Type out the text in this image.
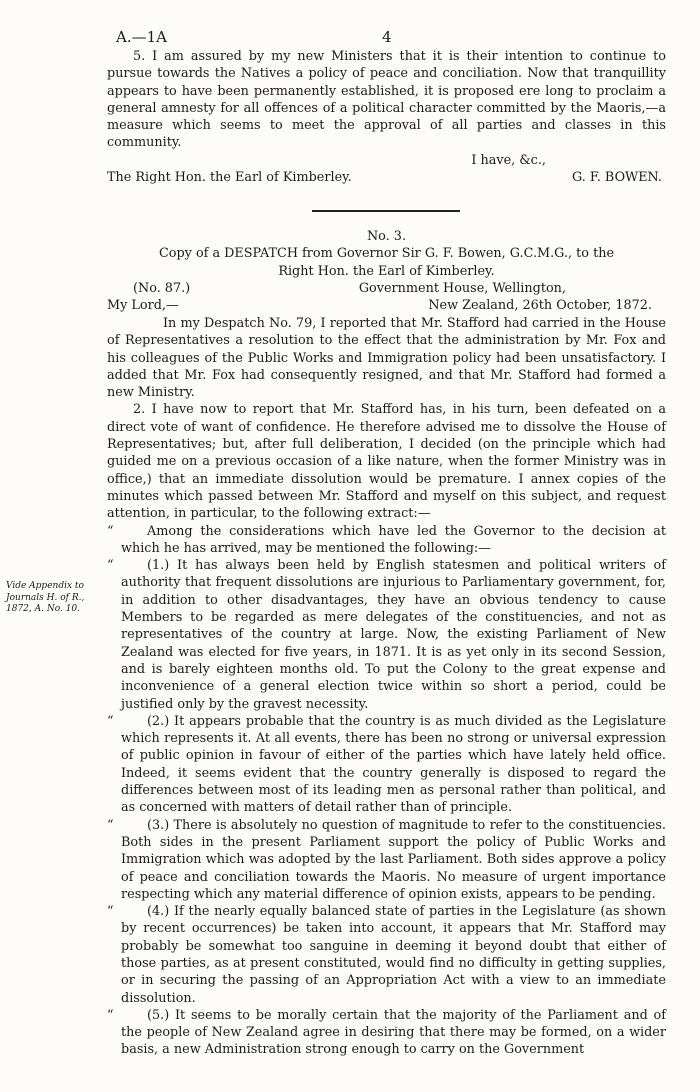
A.—1A	4

5. I am assured by my new Ministers that it is their intention to continue to pursue towards the Natives a policy of peace and conciliation. Now that tranquillity appears to have been permanently established, it is proposed ere long to proclaim a general amnesty for all offences of a political character committed by the Maoris,—a measure which seems to meet the approval of all parties and classes in this community.

I have, &c.,
The Right Hon. the Earl of Kimberley.	G. F. BOWEN.
No. 3.
Copy of a DESPATCH from Governor Sir G. F. Bowen, G.C.M.G., to the
Right Hon. the Earl of Kimberley.
(No. 87.)	Government House, Wellington,
My Lord,—	New Zealand, 26th October, 1872.

In my Despatch No. 79, I reported that Mr. Stafford had carried in the House of Representatives a resolution to the effect that the administration by Mr. Fox and his colleagues of the Public Works and Immigration policy had been unsatisfactory. I added that Mr. Fox had consequently resigned, and that Mr. Stafford had formed a new Ministry.

2. I have now to report that Mr. Stafford has, in his turn, been defeated on a direct vote of want of confidence. He therefore advised me to dissolve the House of Representatives; but, after full deliberation, I decided (on the principle which had guided me on a previous occasion of a like nature, when the former Ministry was in office,) that an immediate dissolution would be premature. I annex copies of the minutes which passed between Mr. Stafford and myself on this subject, and request attention, in particular, to the following extract:—

“ Among the considerations which have led the Governor to the decision at which he has arrived, may be mentioned the following:—

“ (1.) It has always been held by English statesmen and political writers of authority that frequent dissolutions are injurious to Parliamentary government, for, in addition to other disadvantages, they have an obvious tendency to cause Members to be regarded as mere delegates of the constituencies, and not as representatives of the country at large. Now, the existing Parliament of New Zealand was elected for five years, in 1871. It is as yet only in its second Session, and is barely eighteen months old. To put the Colony to the great expense and inconvenience of a general election twice within so short a period, could be justified only by the gravest necessity.

“ (2.) It appears probable that the country is as much divided as the Legislature which represents it. At all events, there has been no strong or universal expression of public opinion in favour of either of the parties which have lately held office. Indeed, it seems evident that the country generally is disposed to regard the differences between most of its leading men as personal rather than political, and as concerned with matters of detail rather than of principle.

“ (3.) There is absolutely no question of magnitude to refer to the constituencies. Both sides in the present Parliament support the policy of Public Works and Immigration which was adopted by the last Parliament. Both sides approve a policy of peace and conciliation towards the Maoris. No measure of urgent importance respecting which any material difference of opinion exists, appears to be pending.

“ (4.) If the nearly equally balanced state of parties in the Legislature (as shown by recent occurrences) be taken into account, it appears that Mr. Stafford may probably be somewhat too sanguine in deeming it beyond doubt that either of those parties, as at present constituted, would find no difficulty in getting supplies, or in securing the passing of an Appropriation Act with a view to an immediate dissolution.

“ (5.) It seems to be morally certain that the majority of the Parliament and of the people of New Zealand agree in desiring that there may be formed, on a wider basis, a new Administration strong enough to carry on the Government

Vide Appendix to Journals H. of R., 1872, A. No. 10.
